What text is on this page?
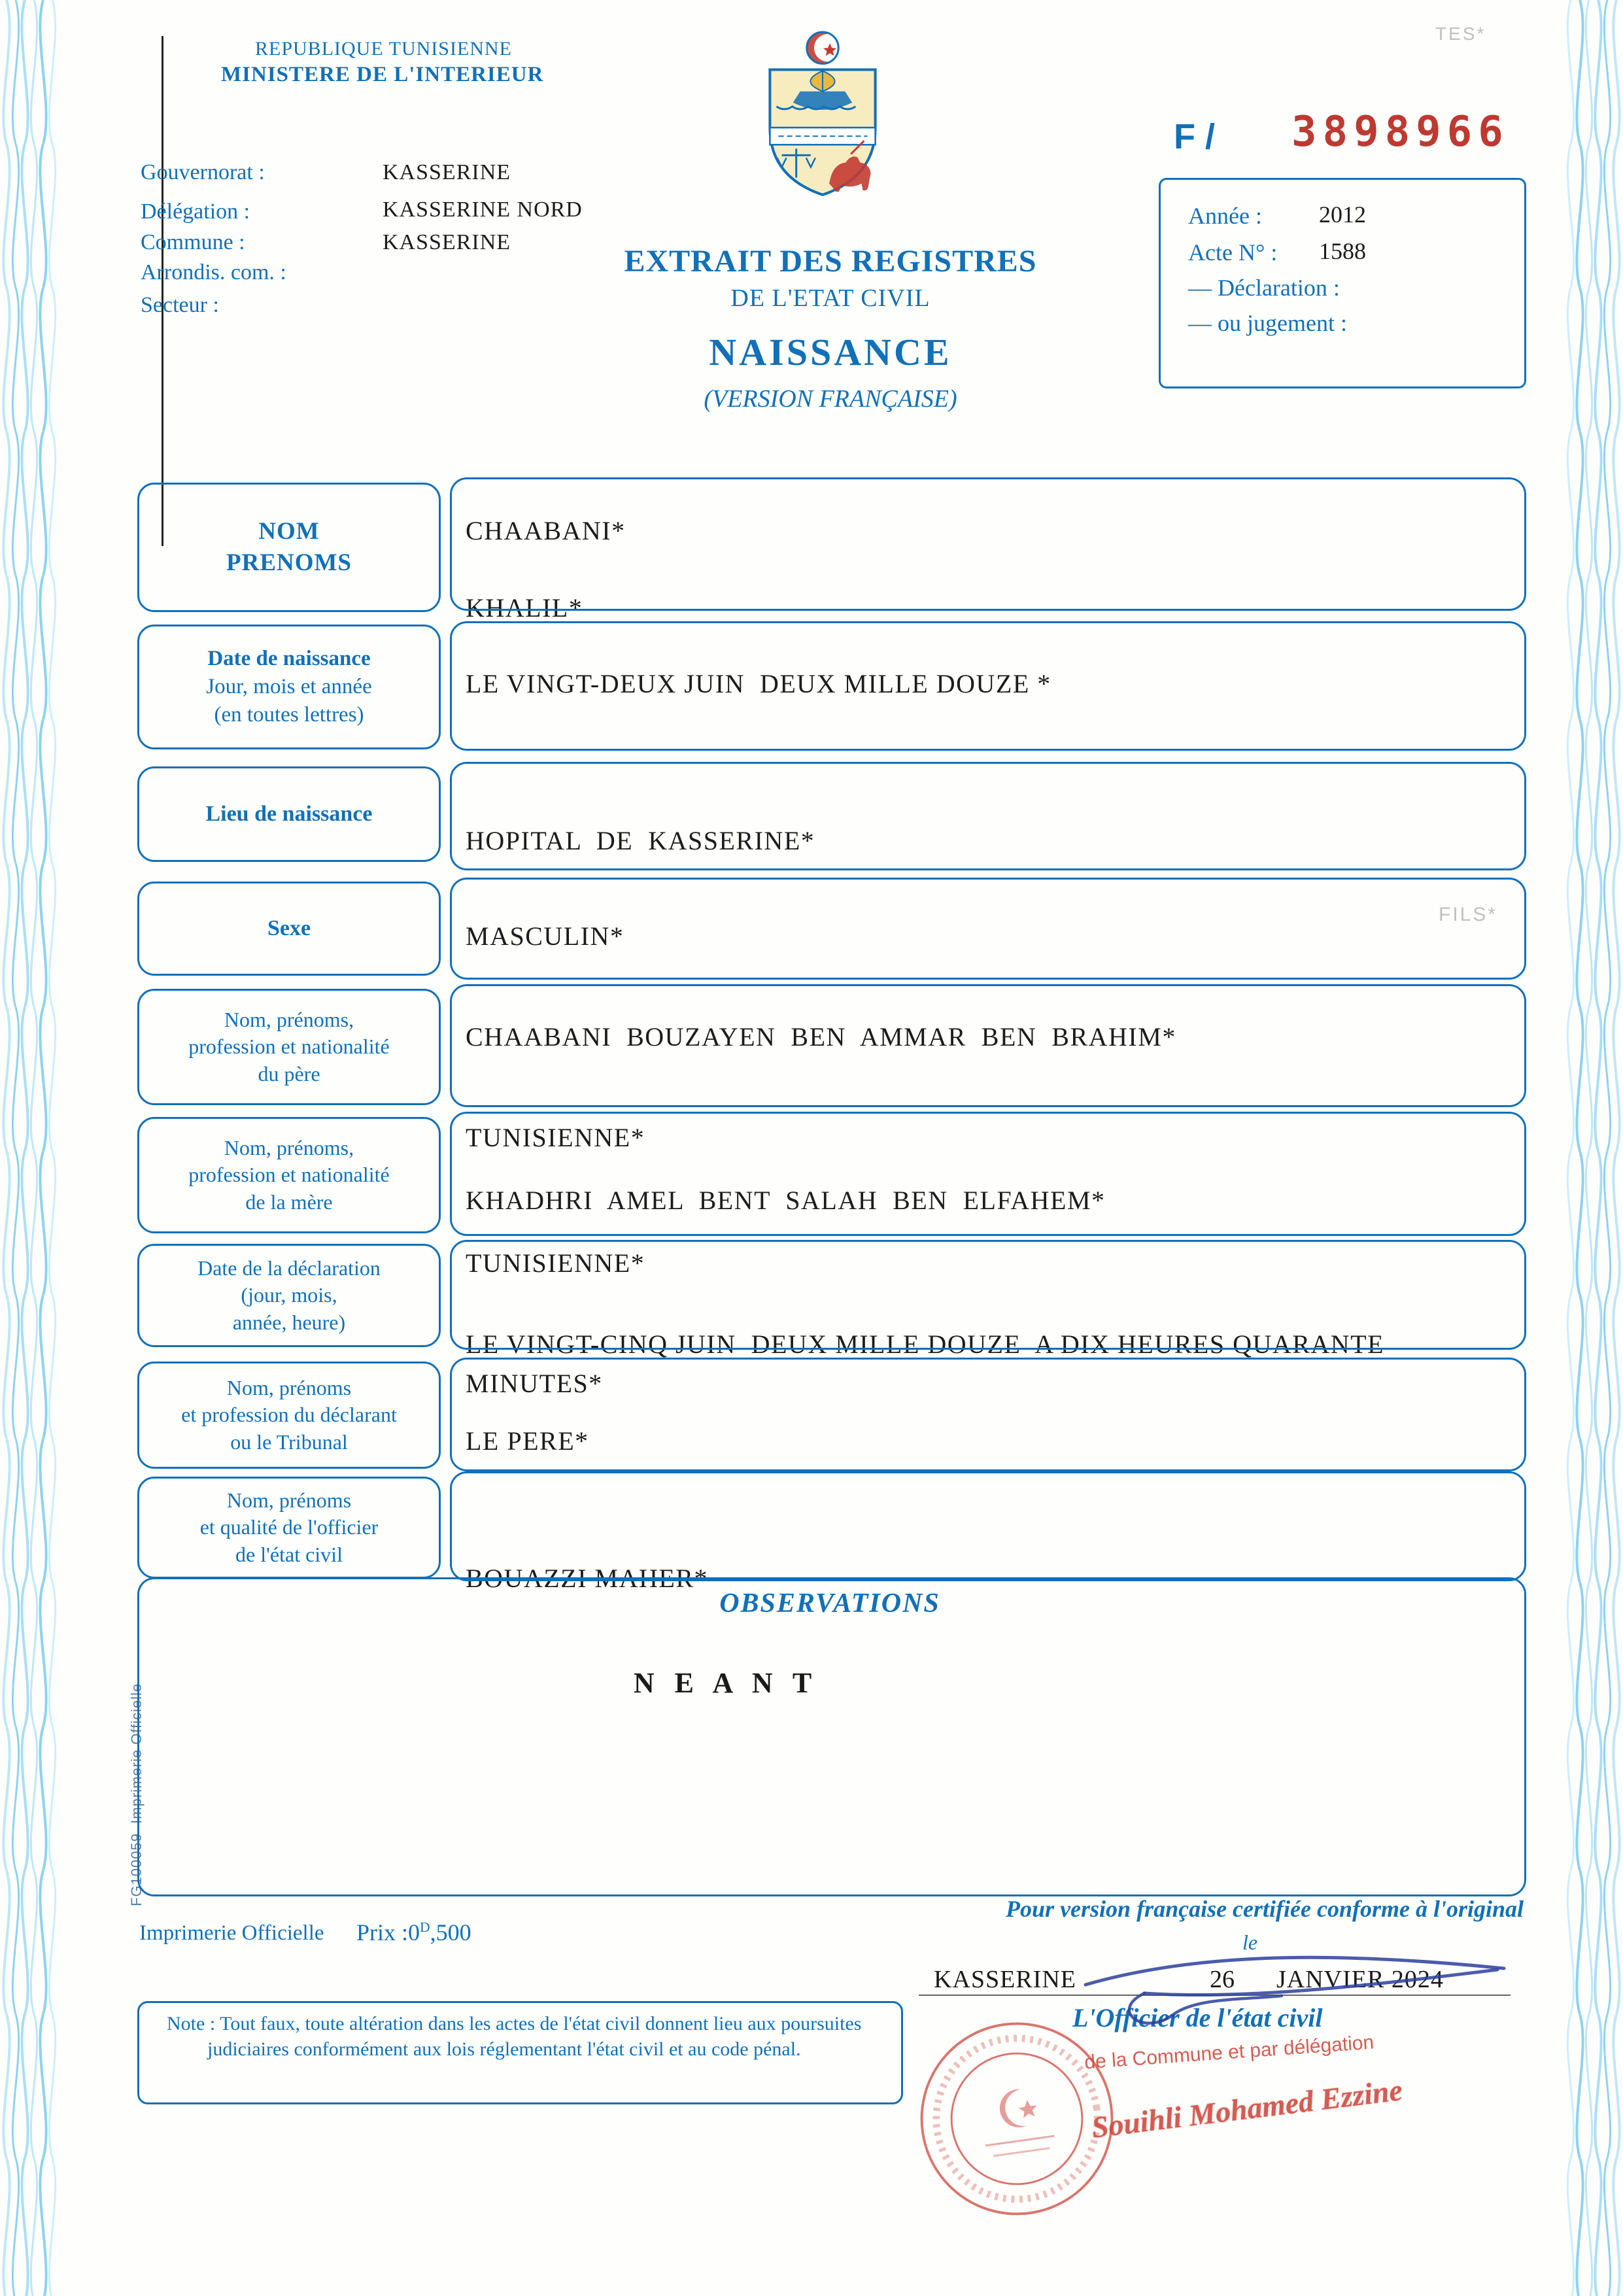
REPUBLIQUE TUNISIENNE
MINISTERE DE L'INTERIEUR
Gouvernorat :
Délégation :
Commune :
Arrondis. com. :
Secteur :
KASSERINE
KASSERINE NORD
KASSERINE
EXTRAIT DES REGISTRES
DE L'ETAT CIVIL
NAISSANCE
(VERSION FRANÇAISE)
F / 3898966
TES*
Année : 2012
Acte N° : 1588
— Déclaration :
— ou jugement :
CHAABANI*
KHALIL*
LE VINGT-DEUX JUIN  DEUX MILLE DOUZE *
HOPITAL  DE  KASSERINE*
MASCULIN*
FILS*
CHAABANI  BOUZAYEN  BEN  AMMAR  BEN  BRAHIM*
TUNISIENNE*
KHADHRI  AMEL  BENT  SALAH  BEN  ELFAHEM*
TUNISIENNE*
LE VINGT-CINQ JUIN  DEUX MILLE DOUZE  A DIX HEURES QUARANTE
MINUTES*
LE PERE*
BOUAZZI MAHER*
NOM
PRENOMS
Date de naissance
Jour, mois et année
(en toutes lettres)
Lieu de naissance
Sexe
Nom, prénoms,
profession et nationalité
du père
Nom, prénoms,
profession et nationalité
de la mère
Date de la déclaration
(jour, mois,
année, heure)
Nom, prénoms
et profession du déclarant
ou le Tribunal
Nom, prénoms
et qualité de l'officier
de l'état civil
OBSERVATIONS
N E A N T
FG100059  Imprimerie Officielle
Imprimerie Officielle Prix $:0^D,500$
Pour version française certifiée conforme à l'original
le
KASSERINE	26 JANVIER 2024
L'Officier de l'état civil
Note : Tout faux, toute altération dans les actes de l'état civil donnent lieu aux poursuites judiciaires conformément aux lois réglementant l'état civil et au code pénal.	de la Commune et par délégation
Souihli Mohamed Ezzine
